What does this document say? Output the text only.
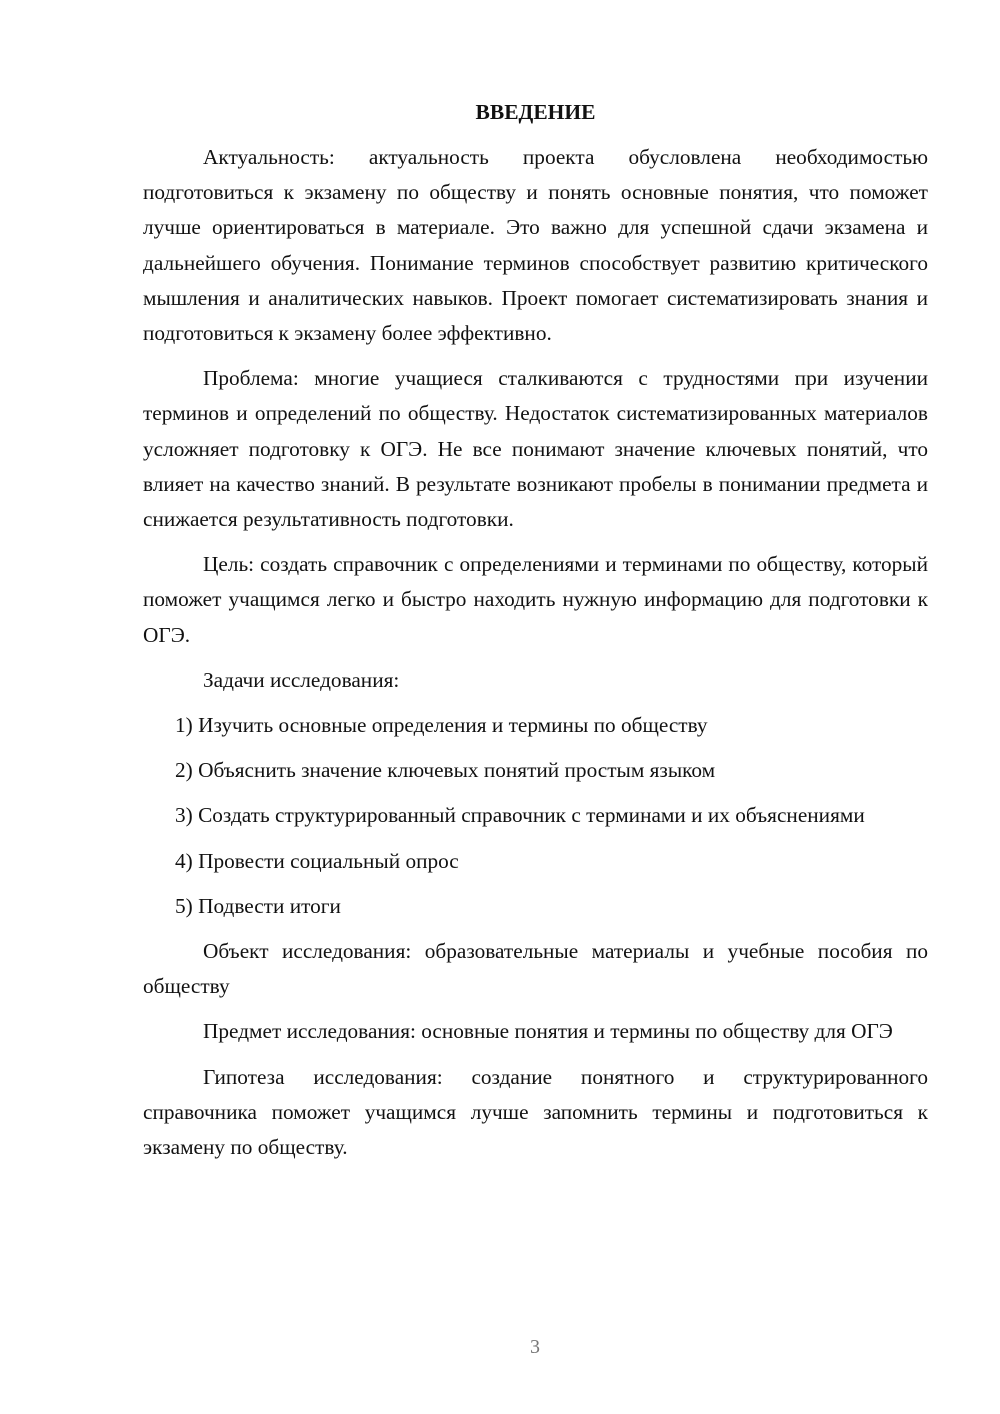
ВВЕДЕНИЕ

Актуальность: актуальность проекта обусловлена необходимостью подготовиться к экзамену по обществу и понять основные понятия, что поможет лучше ориентироваться в материале. Это важно для успешной сдачи экзамена и дальнейшего обучения. Понимание терминов способствует развитию критического мышления и аналитических навыков. Проект помогает систематизировать знания и подготовиться к экзамену более эффективно.

Проблема: многие учащиеся сталкиваются с трудностями при изучении терминов и определений по обществу. Недостаток систематизированных материалов усложняет подготовку к ОГЭ. Не все понимают значение ключевых понятий, что влияет на качество знаний. В результате возникают пробелы в понимании предмета и снижается результативность подготовки.

Цель: создать справочник с определениями и терминами по обществу, который поможет учащимся легко и быстро находить нужную информацию для подготовки к ОГЭ.

Задачи исследования:

1) Изучить основные определения и термины по обществу

2) Объяснить значение ключевых понятий простым языком

3) Создать структурированный справочник с терминами и их объяснениями

4) Провести социальный опрос

5) Подвести итоги

Объект исследования: образовательные материалы и учебные пособия по обществу

Предмет исследования: основные понятия и термины по обществу для ОГЭ

Гипотеза исследования: создание понятного и структурированного справочника поможет учащимся лучше запомнить термины и подготовиться к экзамену по обществу.

3
